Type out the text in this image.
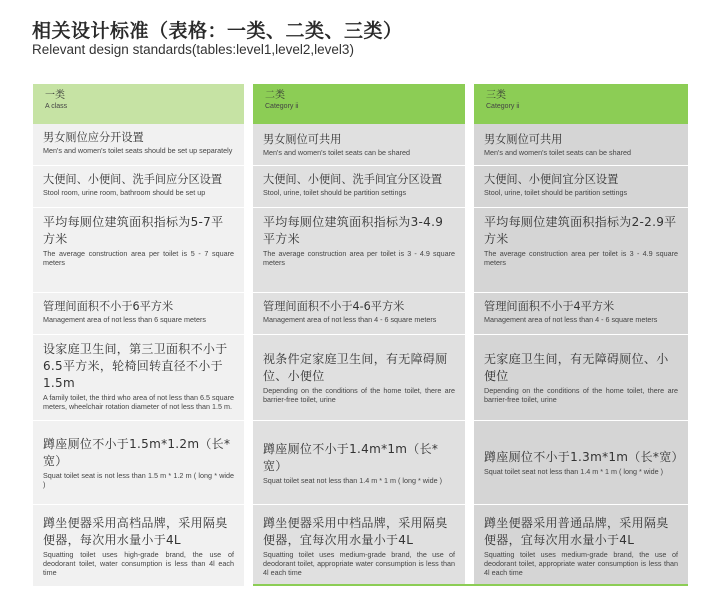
相关设计标准（表格：一类、二类、三类）
Relevant design standards(tables:level1,level2,level3)
一类
A class
男女厕位应分开设置
Men's and women's toilet seats should be set up separately
大便间、小便间、洗手间应分区设置
Stool room, urine room, bathroom should be set up
平均每厕位建筑面积指标为5-7平方米
The average construction area per toilet is 5 - 7 square meters
管理间面积不小于6平方米
Management area of not less than 6 square meters
设家庭卫生间，第三卫面积不小于6.5平方米，轮椅回转直径不小于1.5m
A family toilet, the third who area of not less than 6.5 square meters, wheelchair rotation diameter of not less than 1.5 m.
蹲座厕位不小于1.5m*1.2m（长*宽）
Squat toilet seat is not less than 1.5 m * 1.2 m ( long * wide )
蹲坐便器采用高档品牌，采用隔臭便器，每次用水量小于4L
Squatting toilet uses high-grade brand, the use of deodorant toilet, water consumption is less than 4l each time
二类
Category ii
男女厕位可共用
Men's and women's toilet seats can be shared
大便间、小便间、洗手间宜分区设置
Stool, urine, toilet should be partition settings
平均每厕位建筑面积指标为3-4.9平方米
The average construction area per toilet is 3 - 4.9 square meters
管理间面积不小于4-6平方米
Management area of not less than 4 - 6 square meters
视条件定家庭卫生间，有无障碍厕位、小便位
Depending on the conditions of the home toilet, there are barrier-free toilet, urine
蹲座厕位不小于1.4m*1m（长*宽）
Squat toilet seat not less than 1.4 m * 1 m ( long * wide )
蹲坐便器采用中档品牌，采用隔臭便器，宜每次用水量小于4L
Squatting toilet uses medium-grade brand, the use of deodorant toilet, appropriate water consumption is less than 4l each time
三类
Category ii
男女厕位可共用
Men's and women's toilet seats can be shared
大便间、小便间宜分区设置
Stool, urine, toilet should be partition settings
平均每厕位建筑面积指标为2-2.9平方米
The average construction area per toilet is 3 - 4.9 square meters
管理间面积不小于4平方米
Management area of not less than 4 - 6 square meters
无家庭卫生间，有无障碍厕位、小便位
Depending on the conditions of the home toilet, there are barrier-free toilet, urine
蹲座厕位不小于1.3m*1m（长*宽）
Squat toilet seat not less than 1.4 m * 1 m ( long * wide )
蹲坐便器采用普通品牌，采用隔臭便器，宜每次用水量小于4L
Squatting toilet uses medium-grade brand, the use of deodorant toilet, appropriate water consumption is less than 4l each time
